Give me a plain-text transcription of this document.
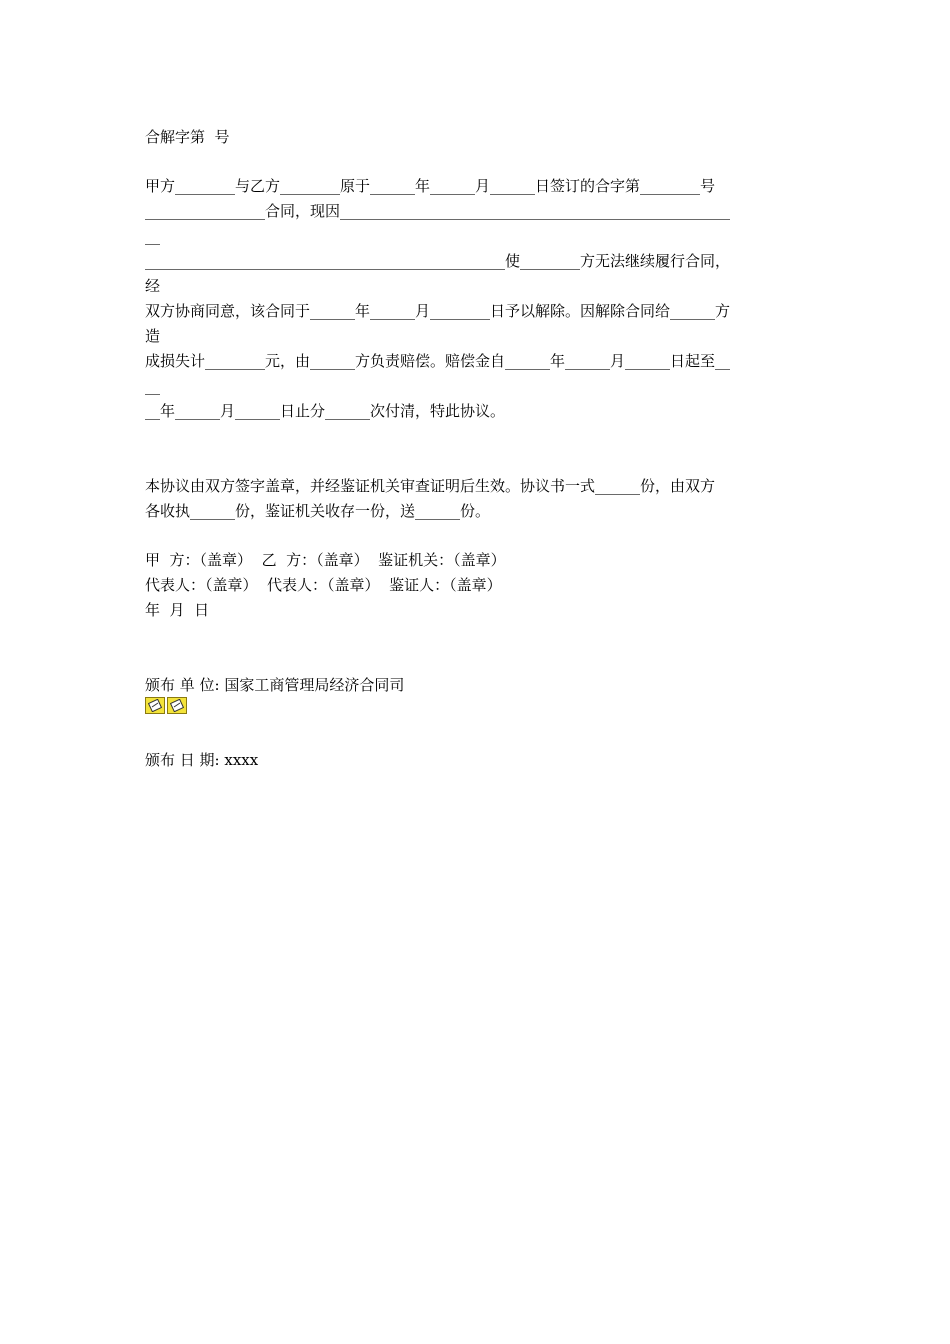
合解字第  号
甲方________与乙方________原于______年______月______日签订的合字第________号
________________合同，现因____________________________________________________
__
________________________________________________使________方无法继续履行合同，
经
双方协商同意，该合同于______年______月________日予以解除。因解除合同给______方
造
成损失计________元，由______方负责赔偿。赔偿金自______年______月______日起至__
__
__年______月______日止分______次付清，特此协议。
本协议由双方签字盖章，并经鉴证机关审查证明后生效。协议书一式______份，由双方
各收执______份，鉴证机关收存一份，送______份。
甲  方：（盖章）  乙  方：（盖章）  鉴证机关：（盖章）
代表人：（盖章）  代表人：（盖章）  鉴证人：（盖章）
年  月  日
颁布 单 位: 国家工商管理局经济合同司
颁布 日 期: xxxx
